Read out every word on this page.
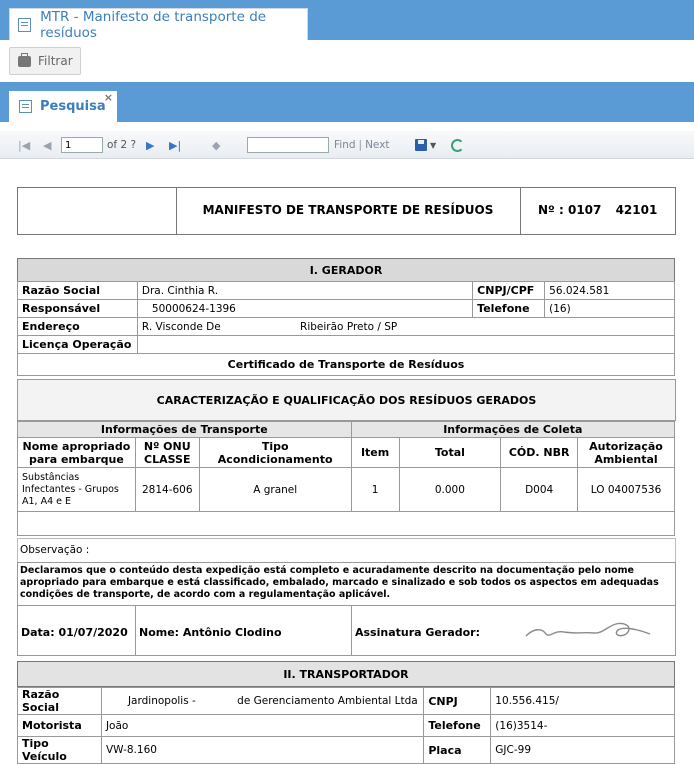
MTR - Manifesto de transporte de resíduos
Filtrar
Pesquisa
×
|◀ ◀
1	of 2 ? ▶ ▶|	◆	Find | Next	▼
MANIFESTO DE TRANSPORTE DE RESÍDUOS	Nº : 0107 42101
I. GERADOR
Razão Social	Dra. Cinthia R.	CNPJ/CPF	56.024.581
Responsável	50000624-1396	Telefone	(16)
Endereço	R. Visconde De Ribeirão Preto / SP		
Licença Operação			
Certificado de Transporte de Resíduos			
CARACTERIZAÇÃO E QUALIFICAÇÃO DOS RESÍDUOS GERADOS
Informações de Transporte			Informações de Coleta			
Nome apropriado para embarque	Nº ONU CLASSE	Tipo Acondicionamento	Item	Total	CÓD. NBR	Autorização Ambiental
Substâncias Infectantes - Grupos A1, A4 e E	2814-606	A granel	1	0.000	D004	LO 04007536

Observação :
Declaramos que o conteúdo desta expedição está completo e acuradamente descrito na documentação pelo nome apropriado para embarque e está classificado, embalado, marcado e sinalizado e sob todos os aspectos em adequadas condições de transporte, de acordo com a regulamentação aplicável.
Data: 01/07/2020 Nome: Antônio Clodino	Assinatura Gerador:
II. TRANSPORTADOR
Razão Social	Jardinopolis - de Gerenciamento Ambiental Ltda	CNPJ	10.556.415/
Motorista	João	Telefone	(16)3514-
Tipo Veículo	VW-8.160	Placa	GJC-99
